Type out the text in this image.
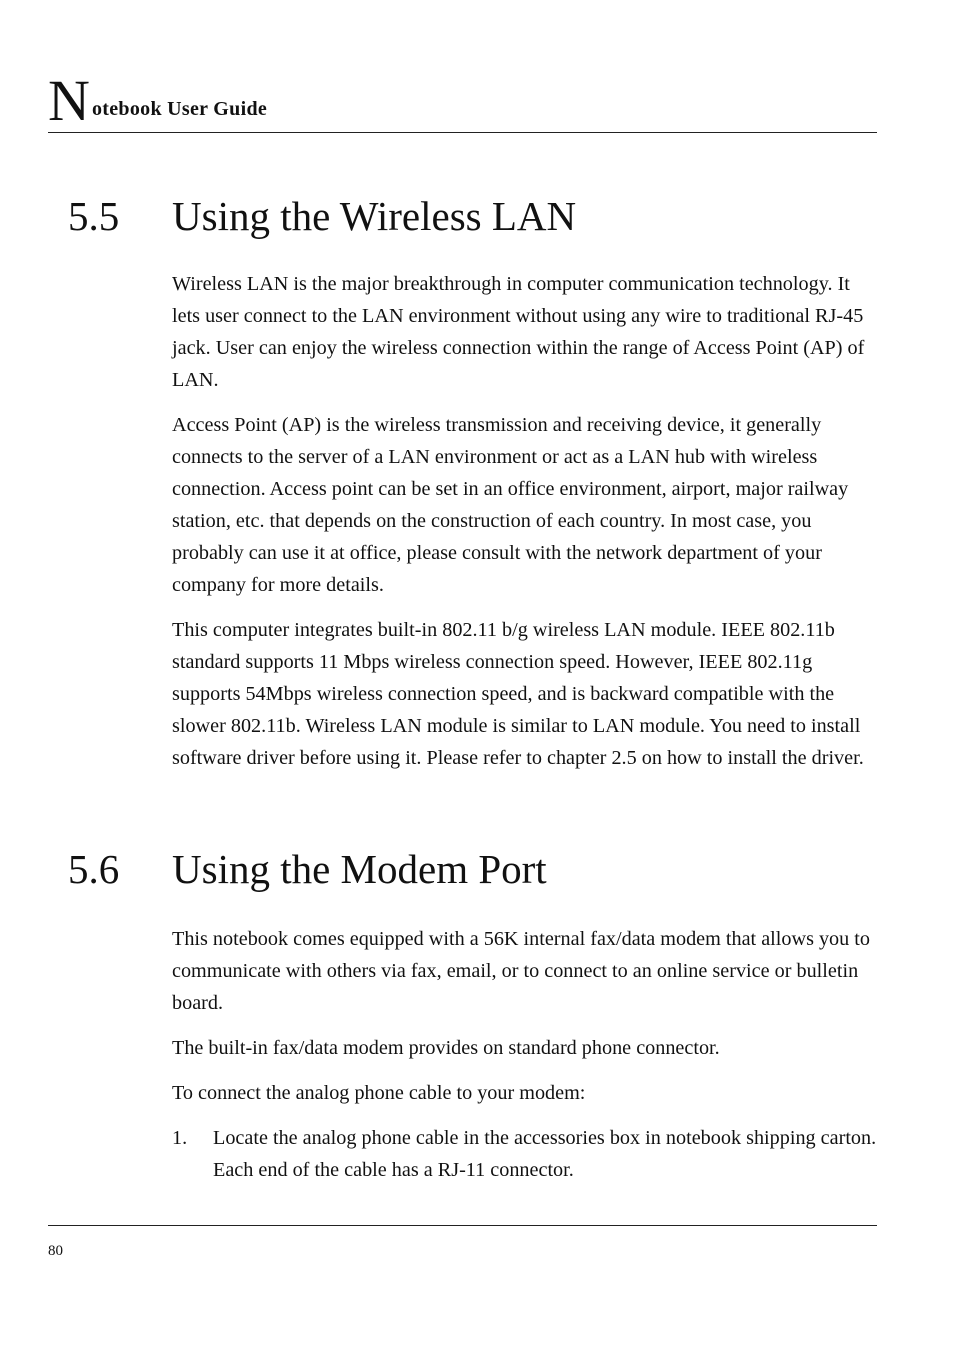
N otebook User Guide
5.5 Using the Wireless LAN

Wireless LAN is the major breakthrough in computer communication technology. It lets user connect to the LAN environment without using any wire to traditional RJ-45 jack. User can enjoy the wireless connection within the range of Access Point (AP) of LAN.

Access Point (AP) is the wireless transmission and receiving device, it generally connects to the server of a LAN environment or act as a LAN hub with wireless connection. Access point can be set in an office environment, airport, major railway station, etc. that depends on the construction of each country. In most case, you probably can use it at office, please consult with the network department of your company for more details.

This computer integrates built-in 802.11 b/g wireless LAN module. IEEE 802.11b standard supports 11 Mbps wireless connection speed. However, IEEE 802.11g supports 54Mbps wireless connection speed, and is backward compatible with the slower 802.11b. Wireless LAN module is similar to LAN module. You need to install software driver before using it. Please refer to chapter 2.5 on how to install the driver.

5.6 Using the Modem Port

This notebook comes equipped with a 56K internal fax/data modem that allows you to communicate with others via fax, email, or to connect to an online service or bulletin board.

The built-in fax/data modem provides on standard phone connector.

To connect the analog phone cable to your modem:

1. Locate the analog phone cable in the accessories box in notebook shipping carton. Each end of the cable has a RJ-11 connector.
80
